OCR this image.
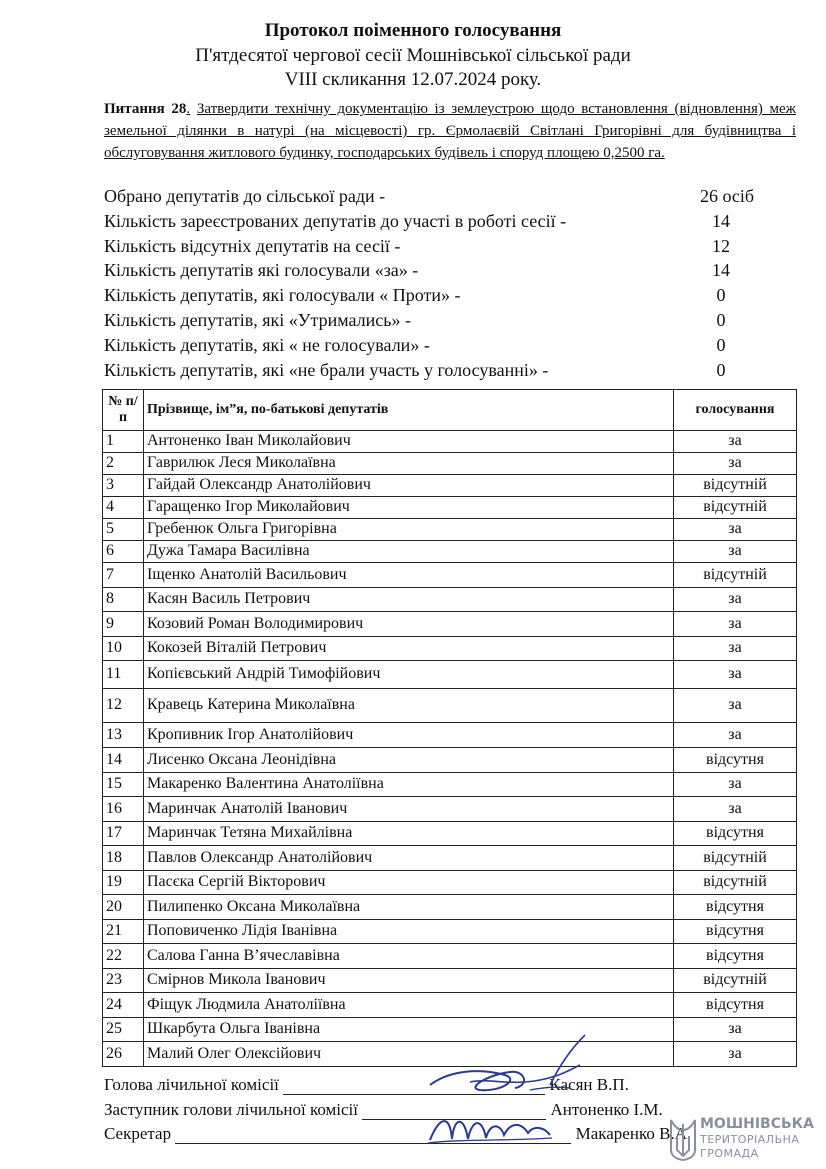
Протокол поіменного голосування
П'ятдесятої чергової сесії Мошнівської сільської ради
VIII скликання 12.07.2024 року.
Питання 28. Затвердити технічну документацію із землеустрою щодо встановлення (відновлення) меж земельної ділянки в натурі (на місцевості) гр. Єрмолаєвій Світлані Григорівні для будівництва і обслуговування житлового будинку, господарських будівель і споруд площею 0,2500 га.
Обрано депутатів до сільської ради -	26 осіб
Кількість зареєстрованих депутатів до участі в роботі сесії -	14
Кількість відсутніх депутатів на сесії -	12
Кількість депутатів які голосували «за» -	14
Кількість депутатів, які голосували « Проти» -	0
Кількість депутатів, які «Утримались» -	0
Кількість депутатів, які « не голосували» -	0
Кількість депутатів, які «не брали участь у голосуванні» -	0
№ п/п	Прізвище, ім”я, по-батькові депутатів	голосування
1	Антоненко Іван Миколайович	за
2	Гаврилюк Леся Миколаївна	за
3	Гайдай Олександр Анатолійович	відсутній
4	Гаращенко Ігор Миколайович	відсутній
5	Гребенюк Ольга Григорівна	за
6	Дужа Тамара Василівна	за
7	Іщенко Анатолій Васильович	відсутній
8	Касян Василь Петрович	за
9	Козовий Роман Володимирович	за
10	Кокозей Віталій Петрович	за
11	Копієвський Андрій Тимофійович	за
12	Кравець Катерина Миколаївна	за
13	Кропивник Ігор Анатолійович	за
14	Лисенко Оксана Леонідівна	відсутня
15	Макаренко Валентина Анатоліївна	за
16	Маринчак Анатолій Іванович	за
17	Маринчак Тетяна Михайлівна	відсутня
18	Павлов Олександр Анатолійович	відсутній
19	Пасєка Сергій Вікторович	відсутній
20	Пилипенко Оксана Миколаївна	відсутня
21	Поповиченко Лідія Іванівна	відсутня
22	Салова Ганна В’ячеславівна	відсутня
23	Смірнов Микола Іванович	відсутній
24	Фіщук Людмила Анатоліївна	відсутня
25	Шкарбута Ольга Іванівна	за
26	Малий Олег Олексійович	за
Голова лічильної комісії	Касян В.П.
Заступник голови лічильної комісії	Антоненко І.М.
Секретар	Макаренко В.А. МОШНІВСЬКА
ТЕРИТОРІАЛЬНА
ГРОМАДА
